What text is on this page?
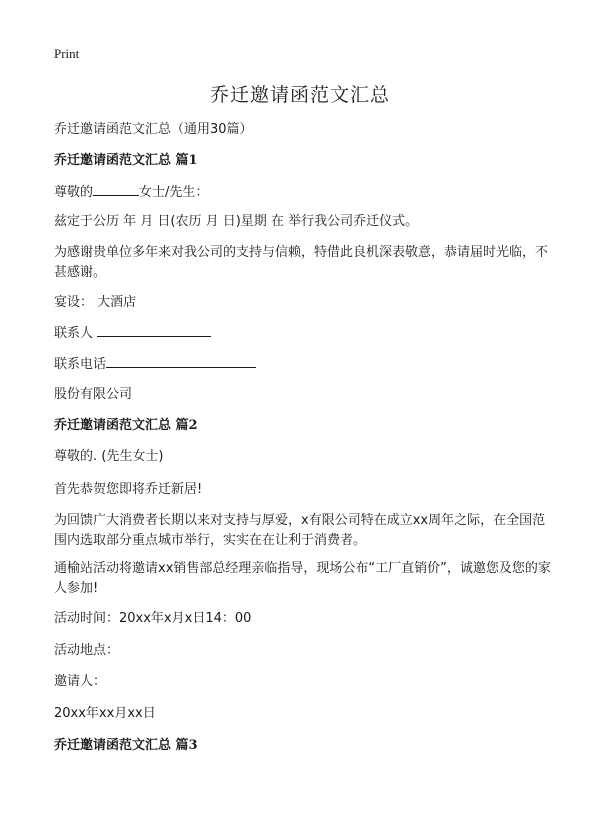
Print
乔迁邀请函范文汇总
乔迁邀请函范文汇总（通用30篇）
乔迁邀请函范文汇总 篇1
尊敬的	女士/先生：
兹定于公历 年 月 日(农历 月 日)星期 在 举行我公司乔迁仪式。
为感谢贵单位多年来对我公司的支持与信赖，特借此良机深表敬意，恭请届时光临，不甚感谢。
宴设： 大酒店
联系人
联系电话
股份有限公司
乔迁邀请函范文汇总 篇2
尊敬的. (先生女士)
首先恭贺您即将乔迁新居!
为回馈广大消费者长期以来对支持与厚爱，x有限公司特在成立xx周年之际，在全国范围内选取部分重点城市举行，实实在在让利于消费者。
通榆站活动将邀请xx销售部总经理亲临指导，现场公布“工厂直销价”，诚邀您及您的家人参加!
活动时间：20xx年x月x日14：00
活动地点：
邀请人：
20xx年xx月xx日
乔迁邀请函范文汇总 篇3
